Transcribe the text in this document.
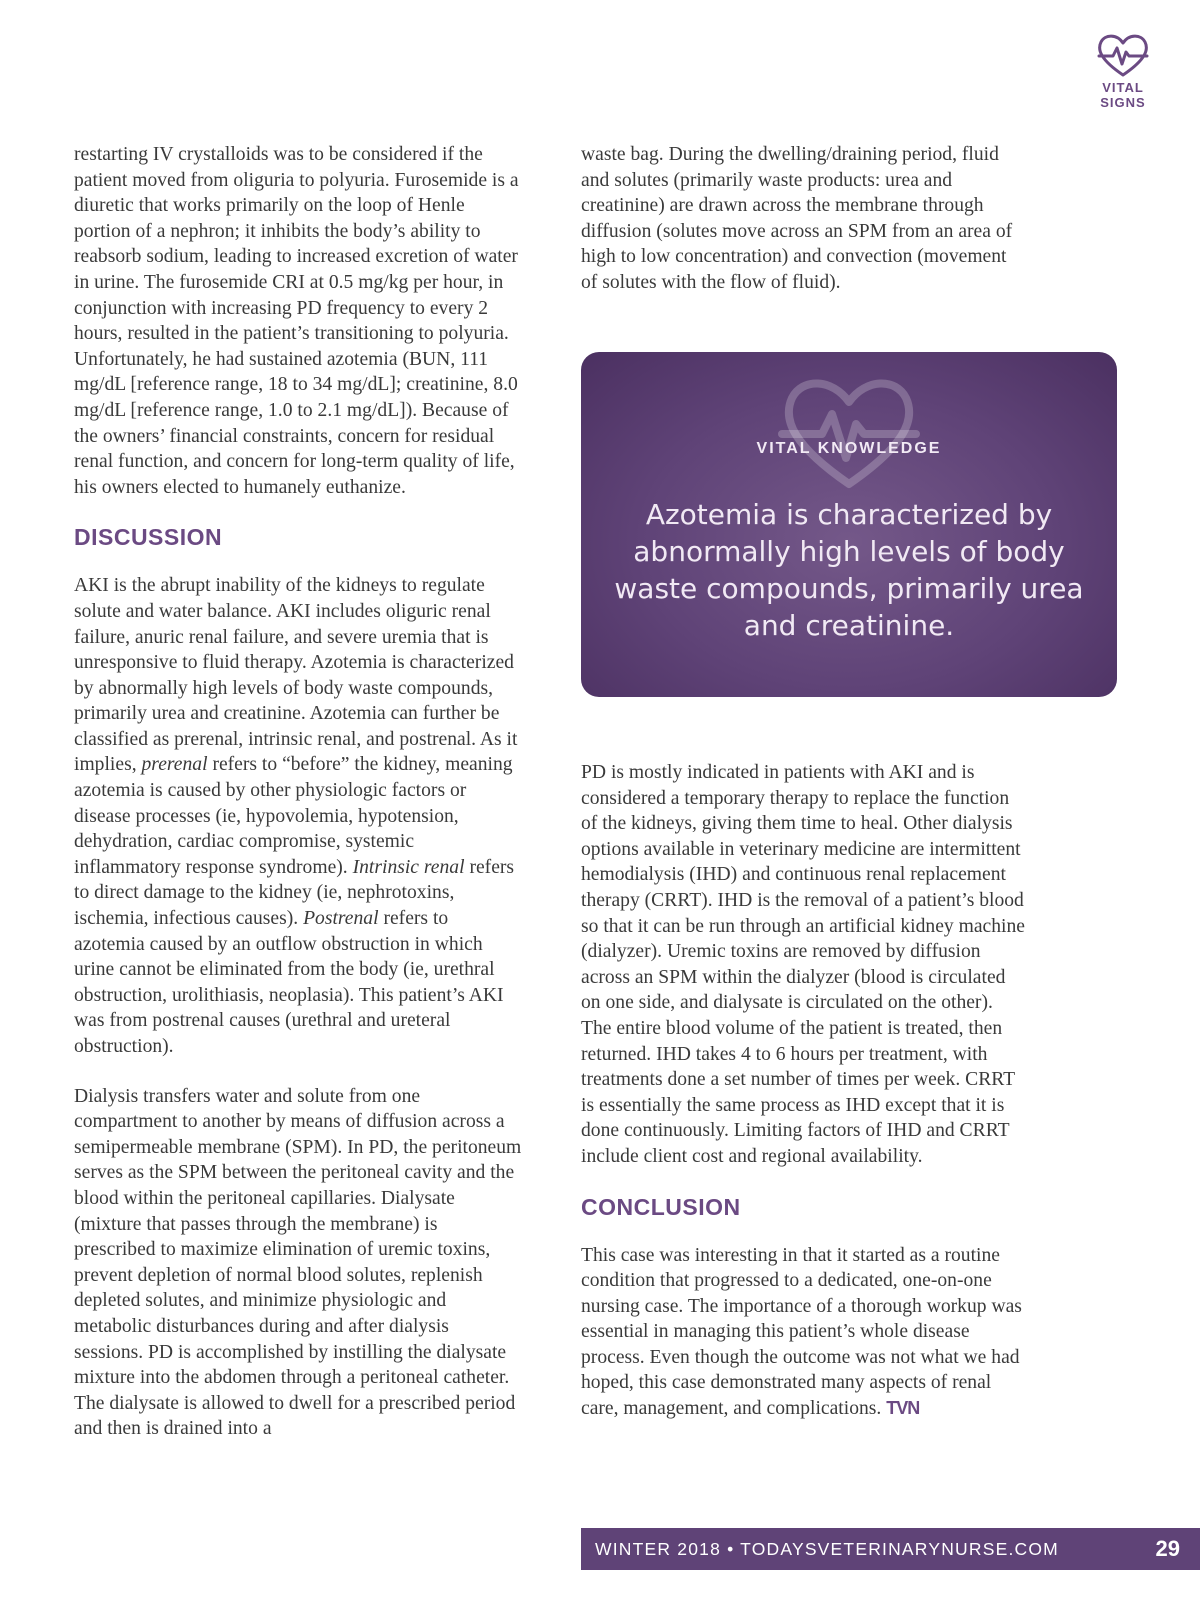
VITAL
SIGNS

restarting IV crystalloids was to be considered if the patient moved from oliguria to polyuria. Furosemide is a diuretic that works primarily on the loop of Henle portion of a nephron; it inhibits the body’s ability to reabsorb sodium, leading to increased excretion of water in urine. The furosemide CRI at 0.5 mg/kg per hour, in conjunction with increasing PD frequency to every 2 hours, resulted in the patient’s transitioning to polyuria. Unfortunately, he had sustained azotemia (BUN, 111 mg/dL [reference range, 18 to 34 mg/dL]; creatinine, 8.0 mg/dL [reference range, 1.0 to 2.1 mg/dL]). Because of the owners’ financial constraints, concern for residual renal function, and concern for long-term quality of life, his owners elected to humanely euthanize.

DISCUSSION

AKI is the abrupt inability of the kidneys to regulate solute and water balance. AKI includes oliguric renal failure, anuric renal failure, and severe uremia that is unresponsive to fluid therapy. Azotemia is characterized by abnormally high levels of body waste compounds, primarily urea and creatinine. Azotemia can further be classified as prerenal, intrinsic renal, and postrenal. As it implies, prerenal refers to “before” the kidney, meaning azotemia is caused by other physiologic factors or disease processes (ie, hypovolemia, hypotension, dehydration, cardiac compromise, systemic inflammatory response syndrome). Intrinsic renal refers to direct damage to the kidney (ie, nephrotoxins, ischemia, infectious causes). Postrenal refers to azotemia caused by an outflow obstruction in which urine cannot be eliminated from the body (ie, urethral obstruction, urolithiasis, neoplasia). This patient’s AKI was from postrenal causes (urethral and ureteral obstruction).

Dialysis transfers water and solute from one compartment to another by means of diffusion across a semipermeable membrane (SPM). In PD, the peritoneum serves as the SPM between the peritoneal cavity and the blood within the peritoneal capillaries. Dialysate (mixture that passes through the membrane) is prescribed to maximize elimination of uremic toxins, prevent depletion of normal blood solutes, replenish depleted solutes, and minimize physiologic and metabolic disturbances during and after dialysis sessions. PD is accomplished by instilling the dialysate mixture into the abdomen through a peritoneal catheter. The dialysate is allowed to dwell for a prescribed period and then is drained into a

waste bag. During the dwelling/draining period, fluid and solutes (primarily waste products: urea and creatinine) are drawn across the membrane through diffusion (solutes move across an SPM from an area of high to low concentration) and convection (movement of solutes with the flow of fluid).

VITAL KNOWLEDGE
Azotemia is characterized by abnormally high levels of body waste compounds, primarily urea and creatinine.

PD is mostly indicated in patients with AKI and is considered a temporary therapy to replace the function of the kidneys, giving them time to heal. Other dialysis options available in veterinary medicine are intermittent hemodialysis (IHD) and continuous renal replacement therapy (CRRT). IHD is the removal of a patient’s blood so that it can be run through an artificial kidney machine (dialyzer). Uremic toxins are removed by diffusion across an SPM within the dialyzer (blood is circulated on one side, and dialysate is circulated on the other). The entire blood volume of the patient is treated, then returned. IHD takes 4 to 6 hours per treatment, with treatments done a set number of times per week. CRRT is essentially the same process as IHD except that it is done continuously. Limiting factors of IHD and CRRT include client cost and regional availability.

CONCLUSION

This case was interesting in that it started as a routine condition that progressed to a dedicated, one-on-one nursing case. The importance of a thorough workup was essential in managing this patient’s whole disease process. Even though the outcome was not what we had hoped, this case demonstrated many aspects of renal care, management, and complications. TVN

WINTER 2018 • TODAYSVETERINARYNURSE.COM	29
